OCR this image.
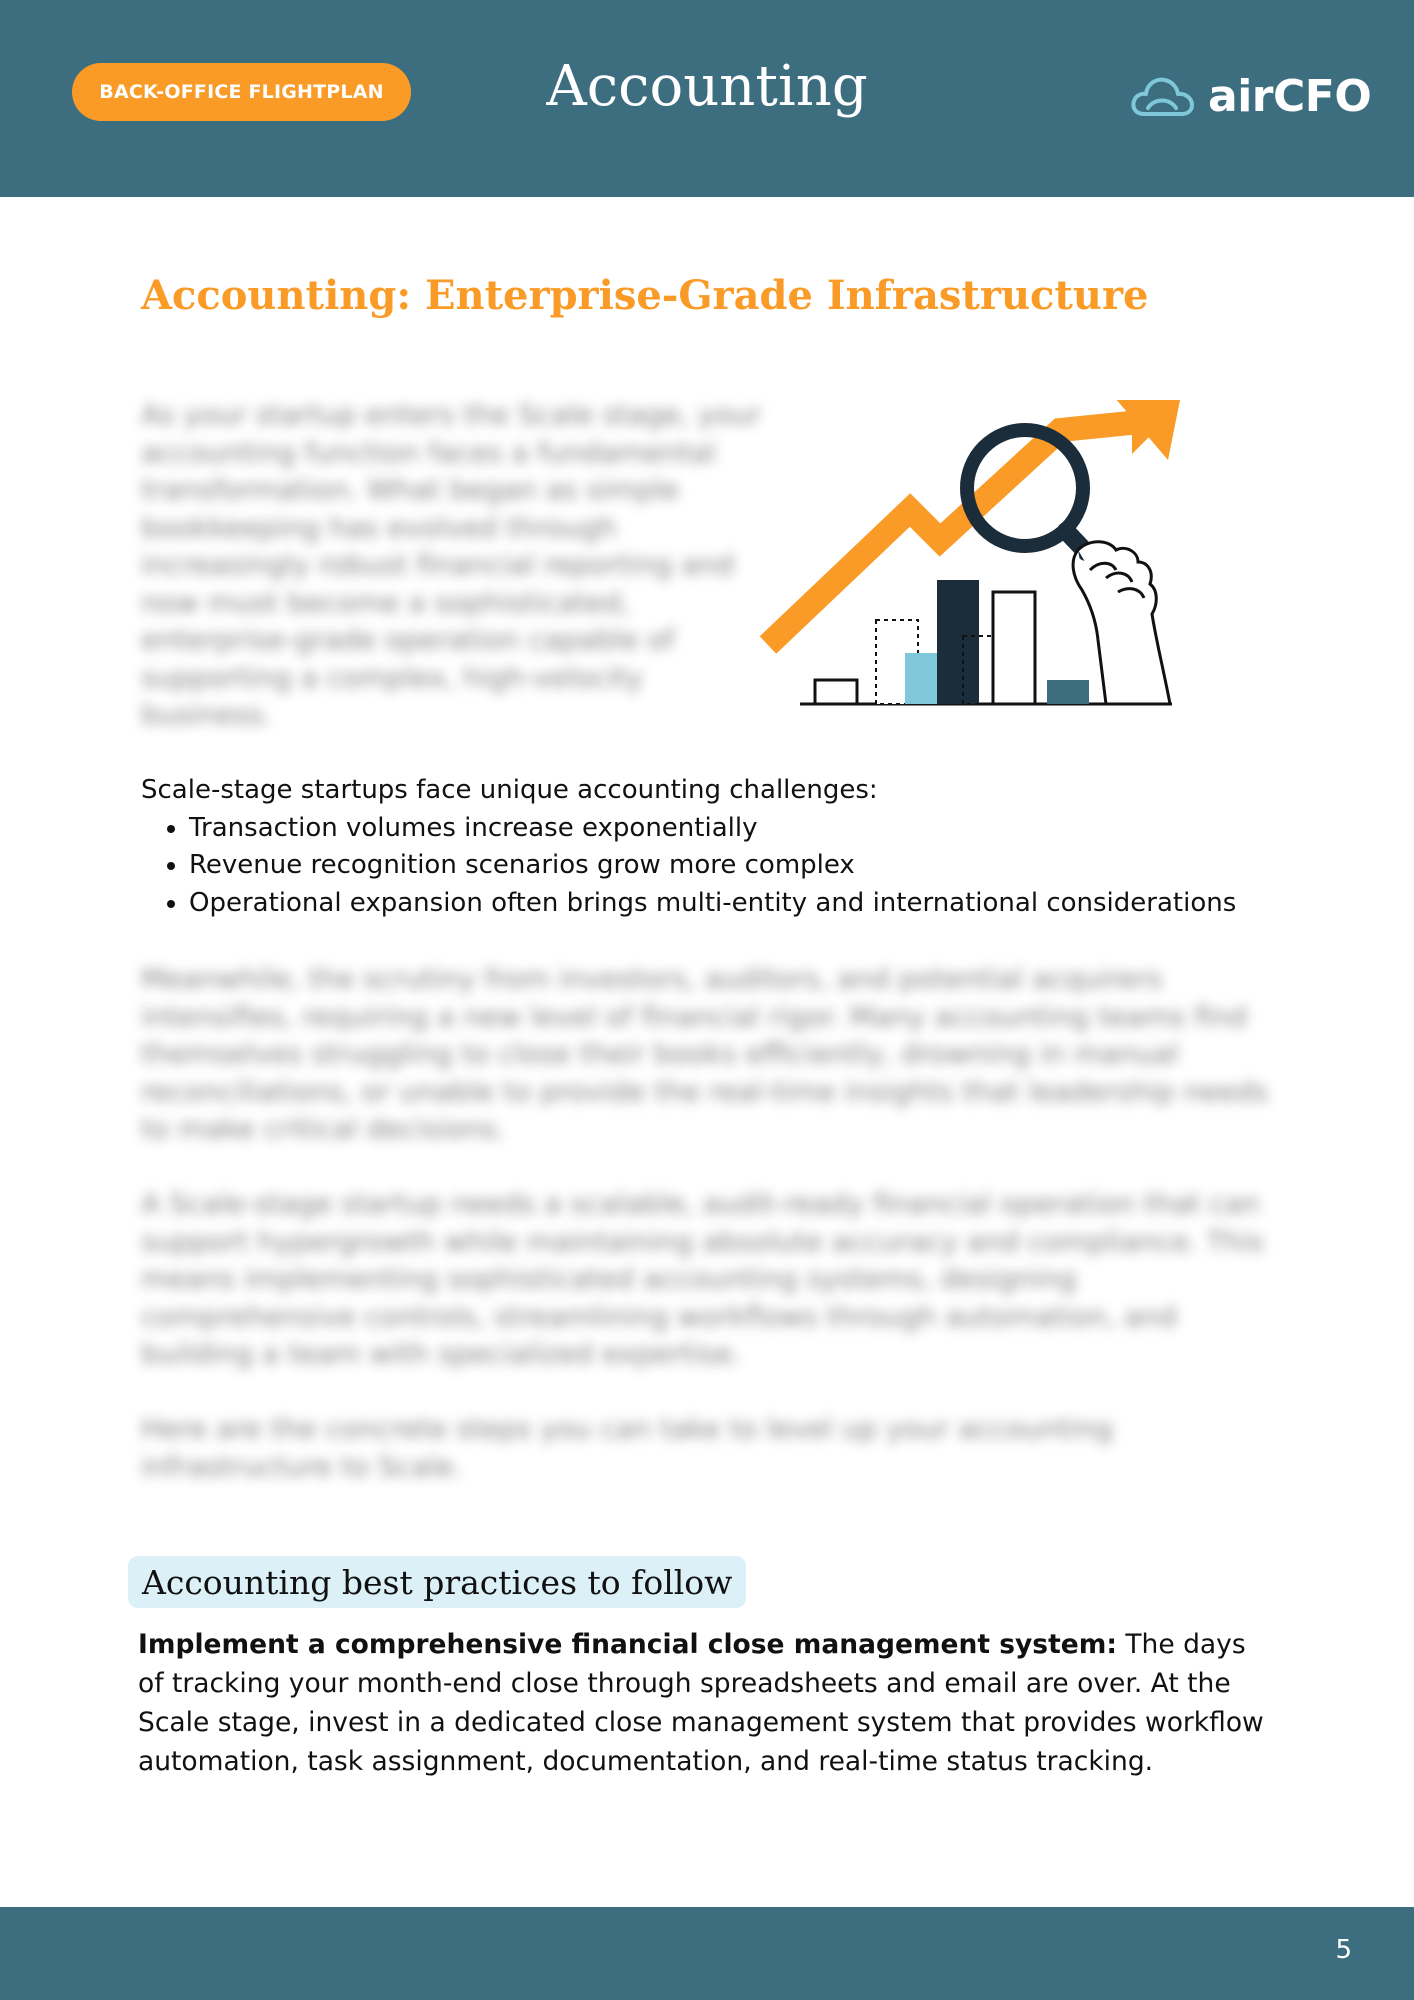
BACK-OFFICE FLIGHTPLAN	Accounting	airCFO
Accounting: Enterprise-Grade Infrastructure
As your startup enters the Scale stage, your accounting function faces a fundamental transformation. What began as simple bookkeeping has evolved through increasingly robust financial reporting and now must become a sophisticated, enterprise-grade operation capable of supporting a complex, high-velocity business.
Scale-stage startups face unique accounting challenges:
• Transaction volumes increase exponentially
• Revenue recognition scenarios grow more complex
• Operational expansion often brings multi-entity and international considerations
Meanwhile, the scrutiny from investors, auditors, and potential acquirers intensifies, requiring a new level of financial rigor. Many accounting teams find themselves struggling to close their books efficiently, drowning in manual reconciliations, or unable to provide the real-time insights that leadership needs to make critical decisions.
A Scale-stage startup needs a scalable, audit-ready financial operation that can support hypergrowth while maintaining absolute accuracy and compliance. This means implementing sophisticated accounting systems, designing comprehensive controls, streamlining workflows through automation, and building a team with specialized expertise.
Here are the concrete steps you can take to level up your accounting infrastructure to Scale.
Accounting best practices to follow
Implement a comprehensive financial close management system: The days of tracking your month-end close through spreadsheets and email are over. At the Scale stage, invest in a dedicated close management system that provides workflow automation, task assignment, documentation, and real-time status tracking.
5
